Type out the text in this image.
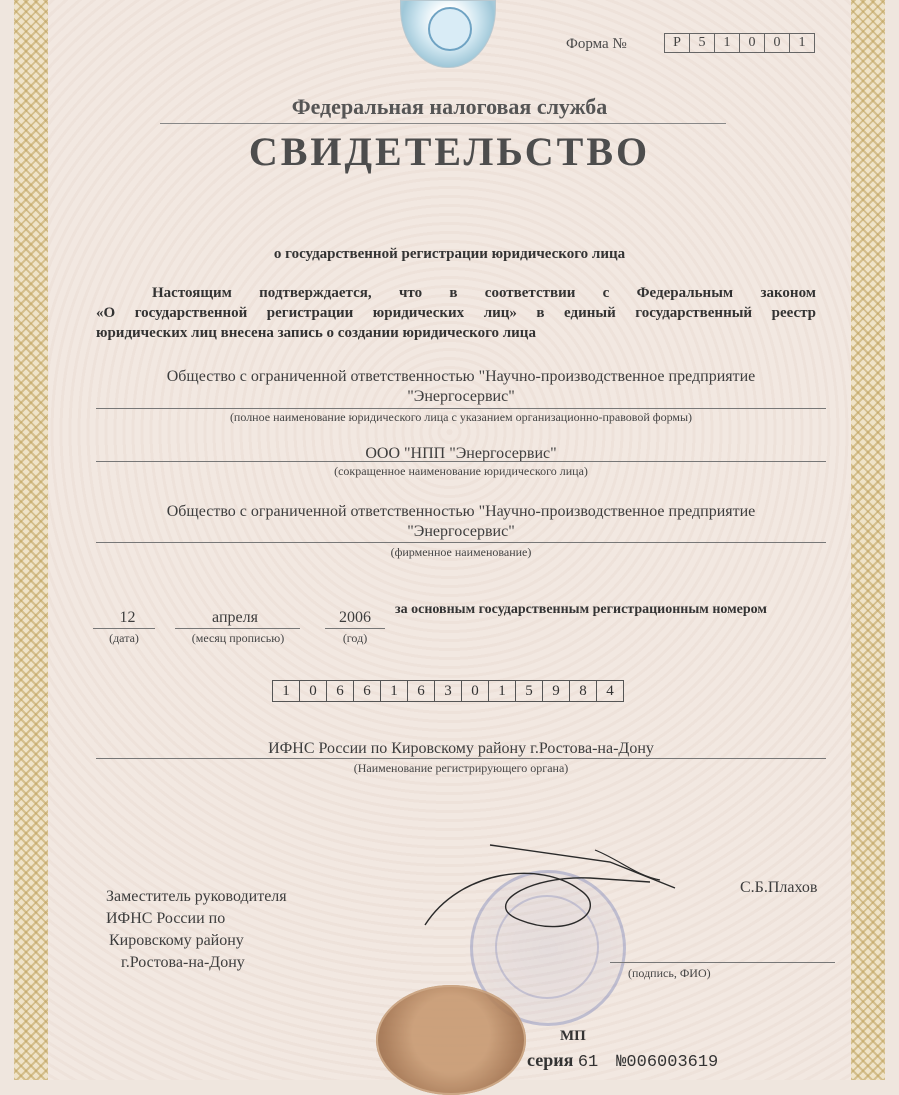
Форма №	Р	5	1	0	0	1
Федеральная налоговая служба
СВИДЕТЕЛЬСТВО
о государственной регистрации юридического лица
Настоящим подтверждается, что в соответствии с Федеральным законом
«О государственной регистрации юридических лиц» в единый государственный реестр
юридических лиц внесена запись о создании юридического лица
Общество с ограниченной ответственностью "Научно-производственное предприятие
"Энергосервис"
(полное наименование юридического лица с указанием организационно-правовой формы)
ООО "НПП "Энергосервис"
(сокращенное наименование юридического лица)
Общество с ограниченной ответственностью "Научно-производственное предприятие
"Энергосервис"
(фирменное наименование)
12
(дата)
апреля
(месяц прописью)
2006
(год)
за основным государственным регистрационным номером
1	0	6	6	1	6	3	0	1	5	9	8	4
ИФНС России по Кировскому району г.Ростова-на-Дону
(Наименование регистрирующего органа)
Заместитель руководителя
ИФНС России по
Кировскому району
г.Ростова-на-Дону
С.Б.Плахов
(подпись, ФИО)
МП
серия 61 №006003619
